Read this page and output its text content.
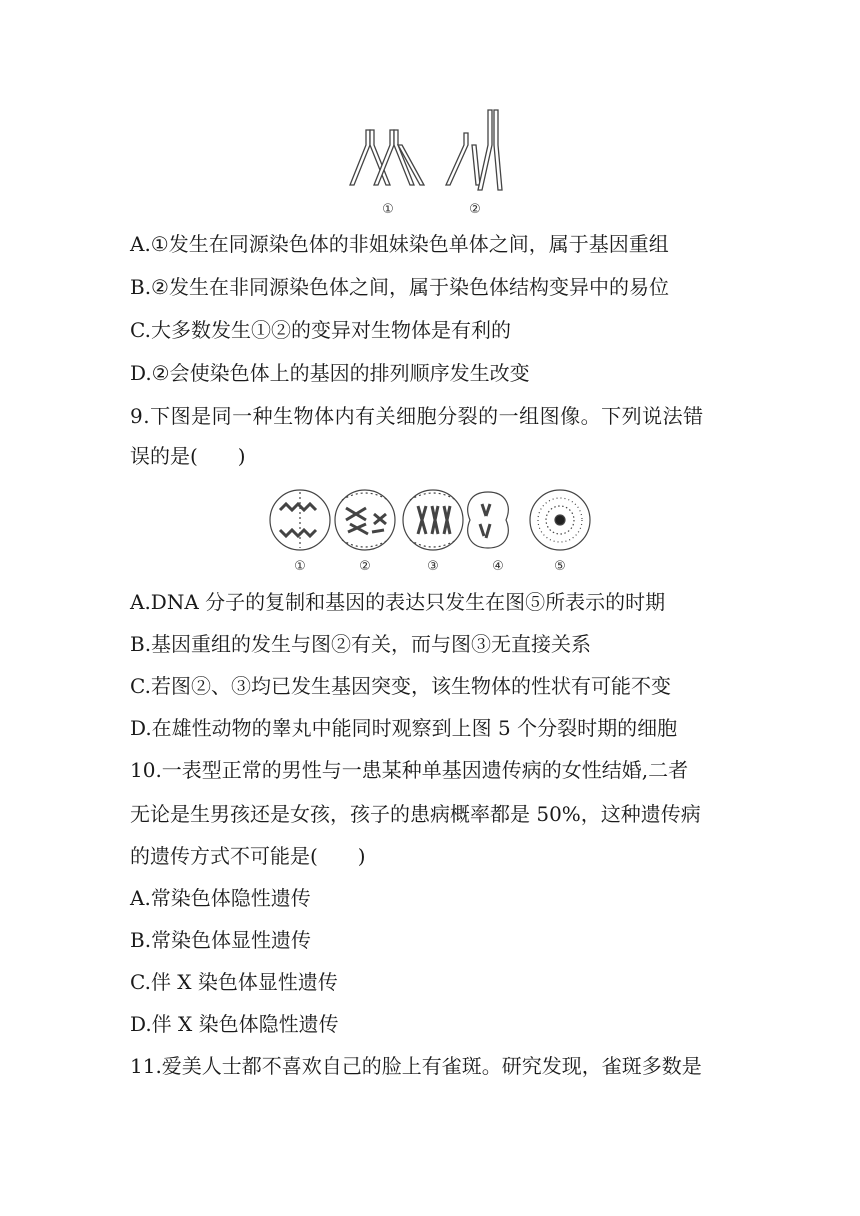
①	②
A.①发生在同源染色体的非姐妹染色单体之间，属于基因重组
B.②发生在非同源染色体之间，属于染色体结构变异中的易位
C.大多数发生①②的变异对生物体是有利的
D.②会使染色体上的基因的排列顺序发生改变
9.下图是同一种生物体内有关细胞分裂的一组图像。下列说法错
误的是(　　)
①	②	③	④	⑤
A.DNA 分子的复制和基因的表达只发生在图⑤所表示的时期
B.基因重组的发生与图②有关，而与图③无直接关系
C.若图②、③均已发生基因突变，该生物体的性状有可能不变
D.在雄性动物的睾丸中能同时观察到上图 5 个分裂时期的细胞
10.一表型正常的男性与一患某种单基因遗传病的女性结婚,二者
无论是生男孩还是女孩，孩子的患病概率都是 50%，这种遗传病
的遗传方式不可能是(　　)
A.常染色体隐性遗传
B.常染色体显性遗传
C.伴 X 染色体显性遗传
D.伴 X 染色体隐性遗传
11.爱美人士都不喜欢自己的脸上有雀斑。研究发现，雀斑多数是
